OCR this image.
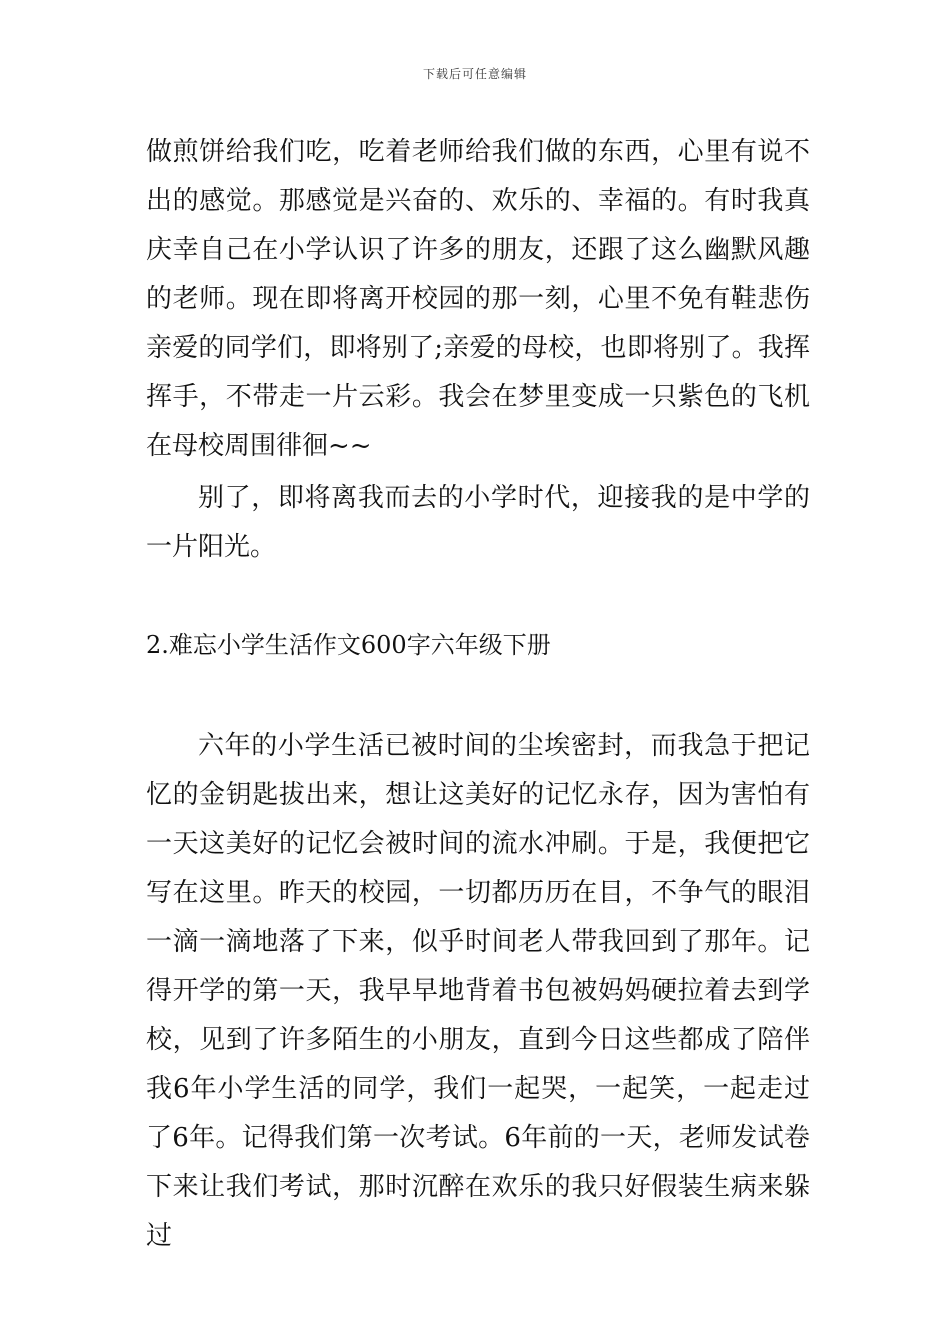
下载后可任意编辑

做煎饼给我们吃，吃着老师给我们做的东西，心里有说不出的感觉。那感觉是兴奋的、欢乐的、幸福的。有时我真庆幸自己在小学认识了许多的朋友，还跟了这么幽默风趣的老师。现在即将离开校园的那一刻，心里不免有鞋悲伤亲爱的同学们，即将别了;亲爱的母校，也即将别了。我挥挥手，不带走一片云彩。我会在梦里变成一只紫色的飞机在母校周围徘徊~~

别了，即将离我而去的小学时代，迎接我的是中学的一片阳光。

2.难忘小学生活作文600字六年级下册

六年的小学生活已被时间的尘埃密封，而我急于把记忆的金钥匙拔出来，想让这美好的记忆永存，因为害怕有一天这美好的记忆会被时间的流水冲刷。于是，我便把它写在这里。昨天的校园，一切都历历在目，不争气的眼泪一滴一滴地落了下来，似乎时间老人带我回到了那年。记得开学的第一天，我早早地背着书包被妈妈硬拉着去到学校，见到了许多陌生的小朋友，直到今日这些都成了陪伴我6年小学生活的同学，我们一起哭，一起笑，一起走过了6年。记得我们第一次考试。6年前的一天，老师发试卷下来让我们考试，那时沉醉在欢乐的我只好假装生病来躲过
